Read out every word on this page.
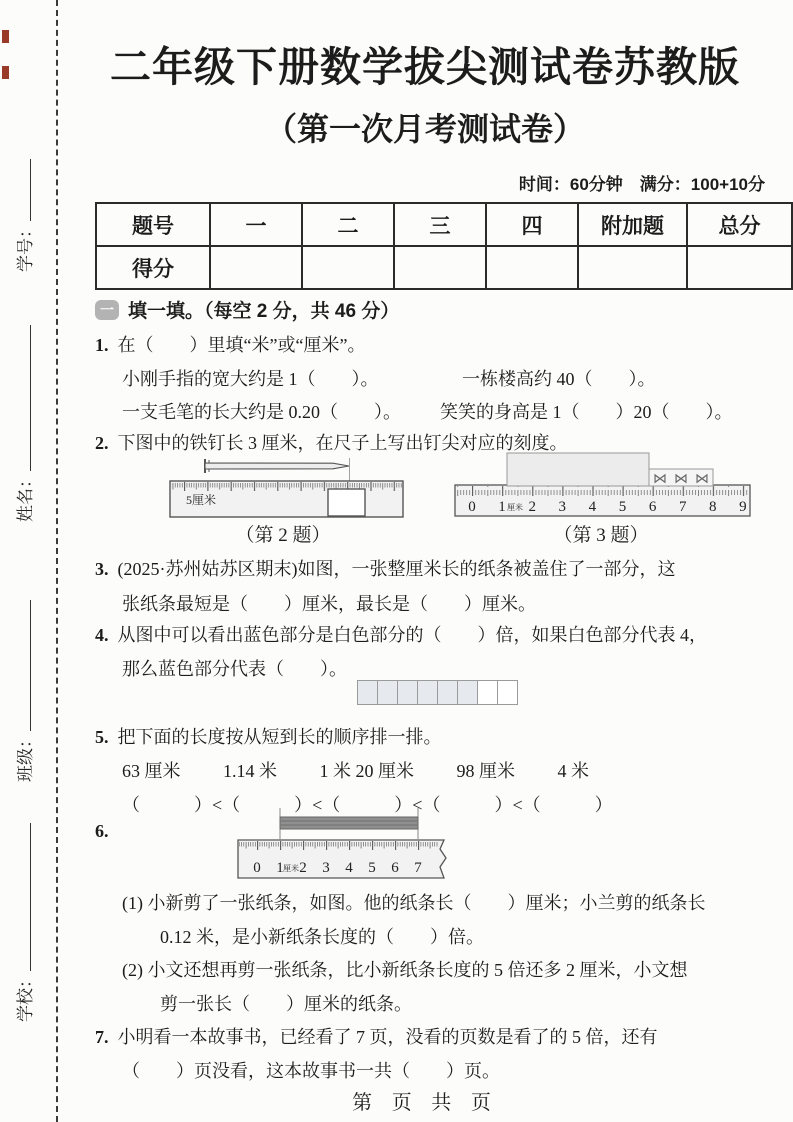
学号：
姓名：
班级：
学校：
二年级下册数学拔尖测试卷苏教版
（第一次月考测试卷）
时间：60分钟　满分：100+10分
题号	一	二	三	四	附加题	总分
得分						
一 填一填。（每空 2 分，共 46 分）
1. 在（　　）里填“米”或“厘米”。
小刚手指的宽大约是 1（　　）。	一栋楼高约 40（　　）。
一支毛笔的长大约是 0.20（　　）。 笑笑的身高是 1（　　）20（　　）。
2. 下图中的铁钉长 3 厘米，在尺子上写出钉尖对应的刻度。
5厘米
（第 2 题）
0 1 厘米 2 3 4 5 6 7 8 9
⋈ ⋈ ⋈
（第 3 题）
3. (2025·苏州姑苏区期末)如图，一张整厘米长的纸条被盖住了一部分，这
张纸条最短是（　　）厘米，最长是（　　）厘米。
4. 从图中可以看出蓝色部分是白色部分的（　　）倍，如果白色部分代表 4，
那么蓝色部分代表（　　）。
5. 把下面的长度按从短到长的顺序排一排。
63 厘米 1.14 米 1 米 20 厘米 98 厘米 4 米
（　　　）<（　　　）<（　　　）<（　　　）<（　　　）
6.
0 1 厘米 2 3 4 5 6 7
(1) 小新剪了一张纸条，如图。他的纸条长（　　）厘米；小兰剪的纸条长
0.12 米，是小新纸条长度的（　　）倍。
(2) 小文还想再剪一张纸条，比小新纸条长度的 5 倍还多 2 厘米，小文想
剪一张长（　　）厘米的纸条。
7. 小明看一本故事书，已经看了 7 页，没看的页数是看了的 5 倍，还有
（　　）页没看，这本故事书一共（　　）页。
第 页 共 页
